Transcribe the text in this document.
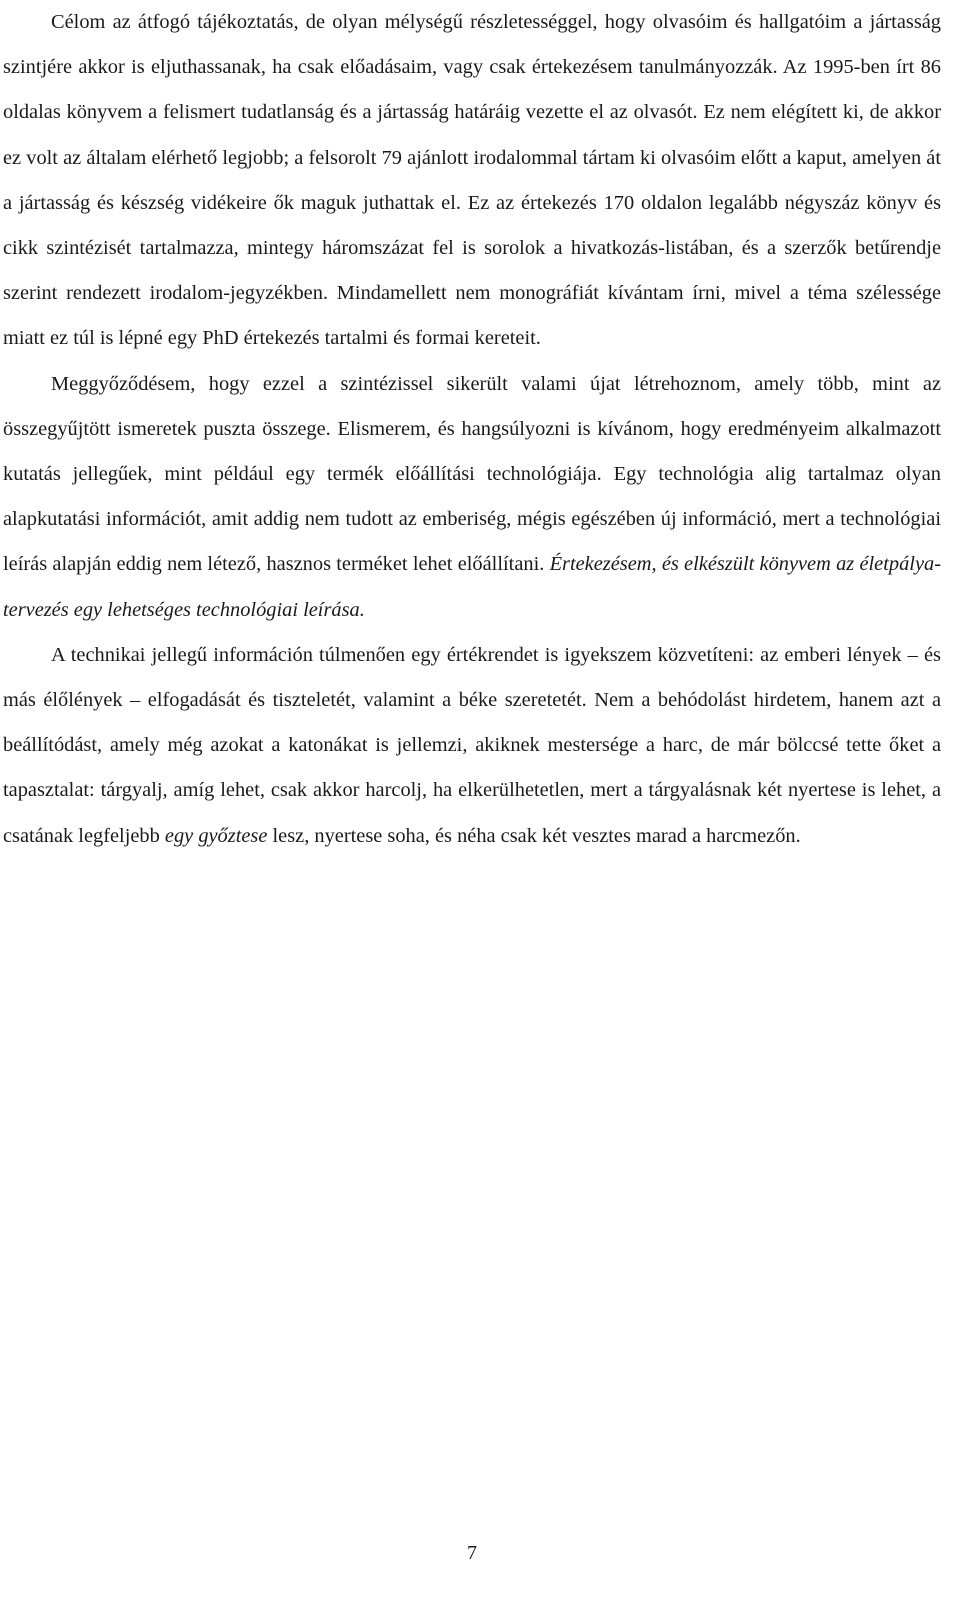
Célom az átfogó tájékoztatás, de olyan mélységű részletességgel, hogy olvasóim és hallgatóim a jártasság szintjére akkor is eljuthassanak, ha csak előadásaim, vagy csak értekezésem tanulmányozzák. Az 1995-ben írt 86 oldalas könyvem a felismert tudatlanság és a jártasság határáig vezette el az olvasót. Ez nem elégített ki, de akkor ez volt az általam elérhető legjobb; a felsorolt 79 ajánlott irodalommal tártam ki olvasóim előtt a kaput, amelyen át a jártasság és készség vidékeire ők maguk juthattak el. Ez az értekezés 170 oldalon legalább négyszáz könyv és cikk szintézisét tartalmazza, mintegy háromszázat fel is sorolok a hivatkozás-listában, és a szerzők betűrendje szerint rendezett irodalom-jegyzékben. Mindamellett nem monográfiát kívántam írni, mivel a téma szélessége miatt ez túl is lépné egy PhD értekezés tartalmi és formai kereteit.

Meggyőződésem, hogy ezzel a szintézissel sikerült valami újat létrehoznom, amely több, mint az összegyűjtött ismeretek puszta összege. Elismerem, és hangsúlyozni is kívánom, hogy eredményeim alkalmazott kutatás jellegűek, mint például egy termék előállítási technológiája. Egy technológia alig tartalmaz olyan alapkutatási információt, amit addig nem tudott az emberiség, mégis egészében új információ, mert a technológiai leírás alapján eddig nem létező, hasznos terméket lehet előállítani. Értekezésem, és elkészült könyvem az életpálya-tervezés egy lehetséges technológiai leírása.

A technikai jellegű információn túlmenően egy értékrendet is igyekszem közvetíteni: az emberi lények – és más élőlények – elfogadását és tiszteletét, valamint a béke szeretetét. Nem a behódolást hirdetem, hanem azt a beállítódást, amely még azokat a katonákat is jellemzi, akiknek mestersége a harc, de már bölccsé tette őket a tapasztalat: tárgyalj, amíg lehet, csak akkor harcolj, ha elkerülhetetlen, mert a tárgyalásnak két nyertese is lehet, a csatának legfeljebb egy győztese lesz, nyertese soha, és néha csak két vesztes marad a harcmezőn.

7
